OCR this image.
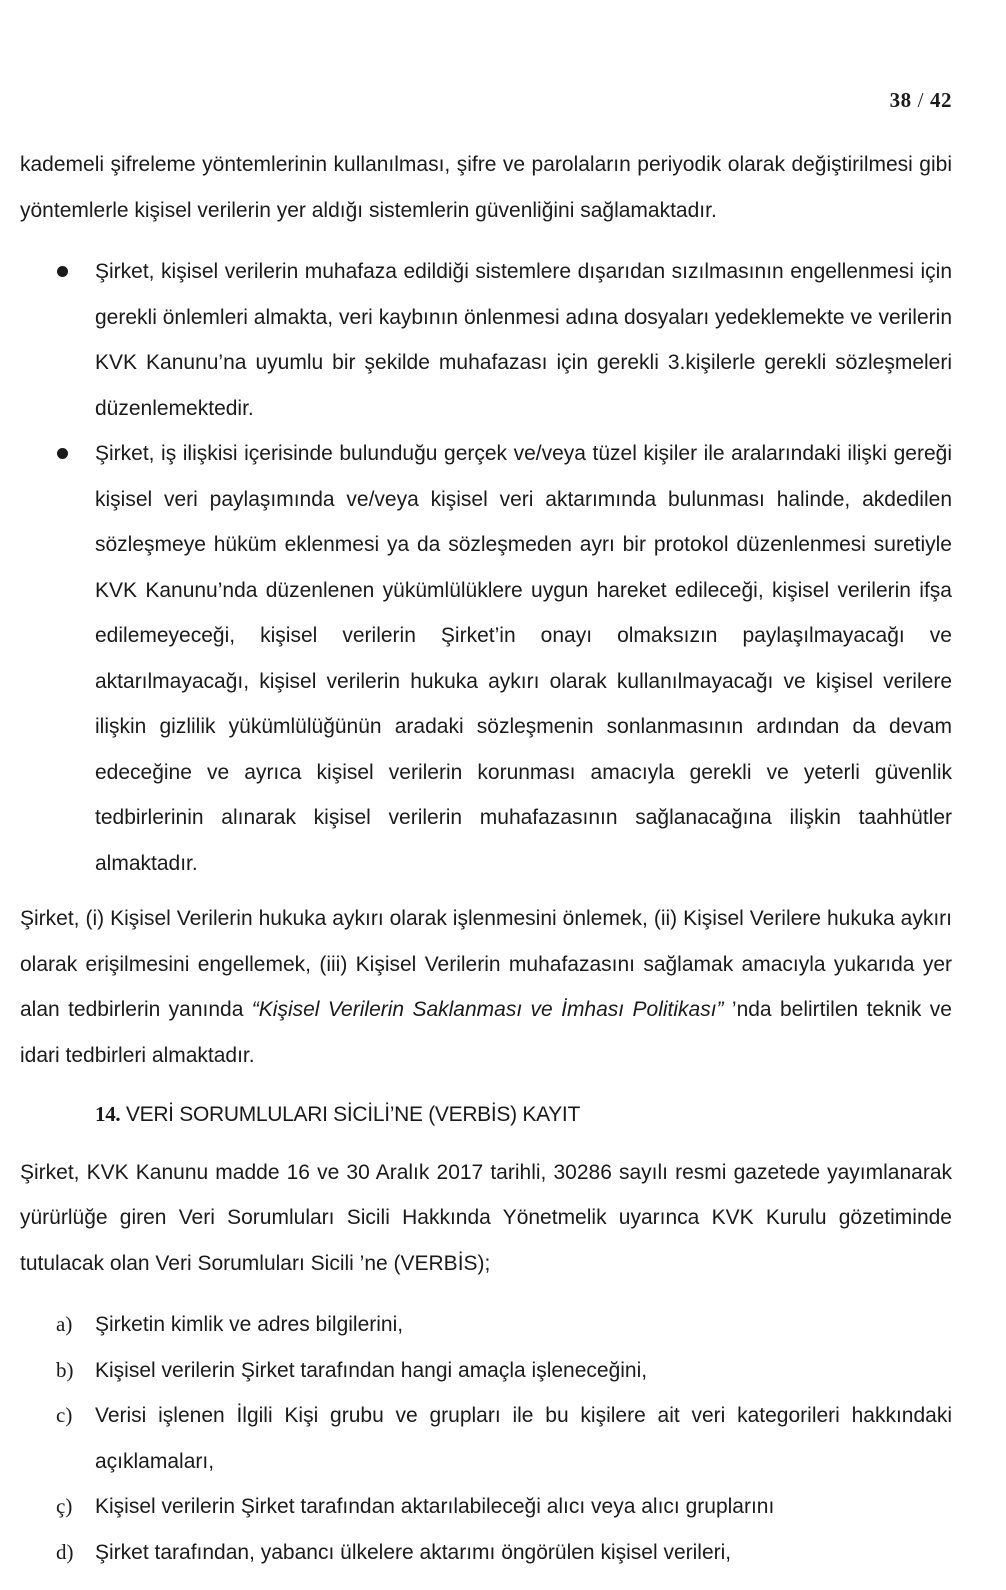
38 / 42

kademeli şifreleme yöntemlerinin kullanılması, şifre ve parolaların periyodik olarak değiştirilmesi gibi yöntemlerle kişisel verilerin yer aldığı sistemlerin güvenliğini sağlamaktadır.

Şirket, kişisel verilerin muhafaza edildiği sistemlere dışarıdan sızılmasının engellenmesi için gerekli önlemleri almakta, veri kaybının önlenmesi adına dosyaları yedeklemekte ve verilerin KVK Kanunu’na uyumlu bir şekilde muhafazası için gerekli 3.kişilerle gerekli sözleşmeleri düzenlemektedir.
Şirket, iş ilişkisi içerisinde bulunduğu gerçek ve/veya tüzel kişiler ile aralarındaki ilişki gereği kişisel veri paylaşımında ve/veya kişisel veri aktarımında bulunması halinde, akdedilen sözleşmeye hüküm eklenmesi ya da sözleşmeden ayrı bir protokol düzenlenmesi suretiyle KVK Kanunu’nda düzenlenen yükümlülüklere uygun hareket edileceği, kişisel verilerin ifşa edilemeyeceği, kişisel verilerin Şirket’in onayı olmaksızın paylaşılmayacağı ve aktarılmayacağı, kişisel verilerin hukuka aykırı olarak kullanılmayacağı ve kişisel verilere ilişkin gizlilik yükümlülüğünün aradaki sözleşmenin sonlanmasının ardından da devam edeceğine ve ayrıca kişisel verilerin korunması amacıyla gerekli ve yeterli güvenlik tedbirlerinin alınarak kişisel verilerin muhafazasının sağlanacağına ilişkin taahhütler almaktadır.

Şirket, (i) Kişisel Verilerin hukuka aykırı olarak işlenmesini önlemek, (ii) Kişisel Verilere hukuka aykırı olarak erişilmesini engellemek, (iii) Kişisel Verilerin muhafazasını sağlamak amacıyla yukarıda yer alan tedbirlerin yanında “Kişisel Verilerin Saklanması ve İmhası Politikası” ’nda belirtilen teknik ve idari tedbirleri almaktadır.

14. VERİ SORUMLULARI SİCİLİ’NE (VERBİS) KAYIT

Şirket, KVK Kanunu madde 16 ve 30 Aralık 2017 tarihli, 30286 sayılı resmi gazetede yayımlanarak yürürlüğe giren Veri Sorumluları Sicili Hakkında Yönetmelik uyarınca KVK Kurulu gözetiminde tutulacak olan Veri Sorumluları Sicili ’ne (VERBİS);

a) Şirketin kimlik ve adres bilgilerini,
b) Kişisel verilerin Şirket tarafından hangi amaçla işleneceğini,
c) Verisi işlenen İlgili Kişi grubu ve grupları ile bu kişilere ait veri kategorileri hakkındaki açıklamaları,
ç) Kişisel verilerin Şirket tarafından aktarılabileceği alıcı veya alıcı gruplarını
d) Şirket tarafından, yabancı ülkelere aktarımı öngörülen kişisel verileri,
